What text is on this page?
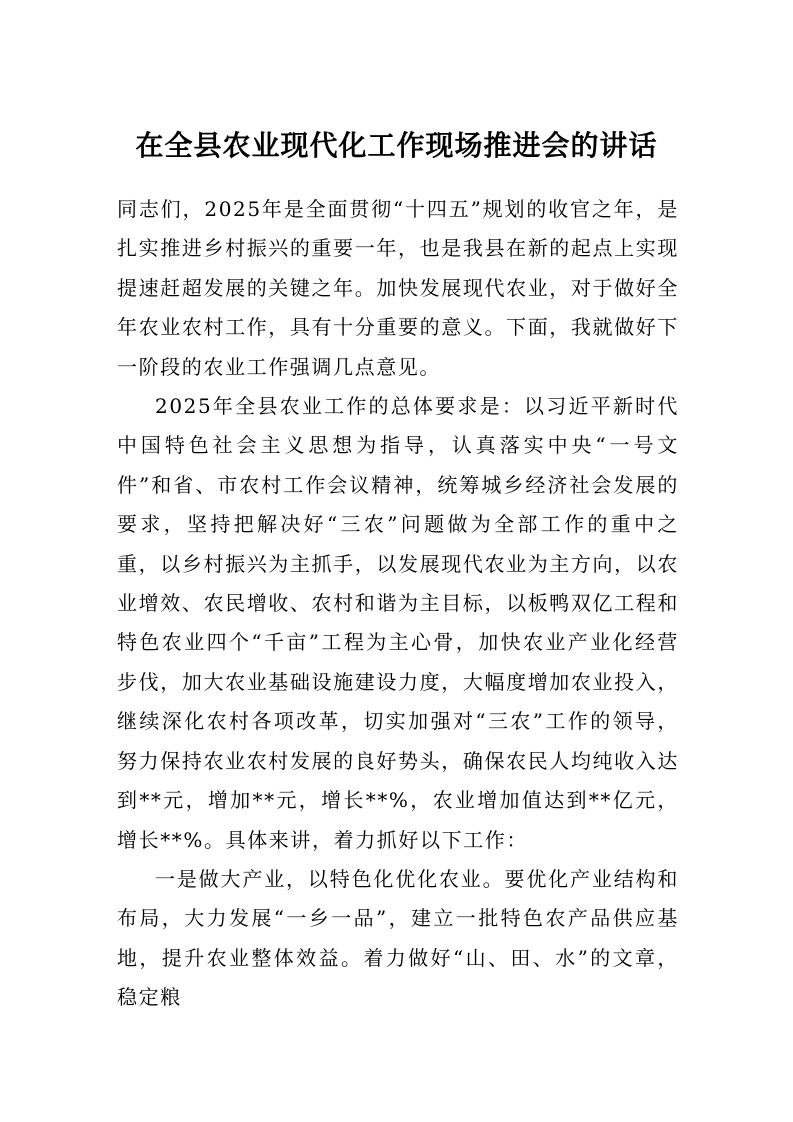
在全县农业现代化工作现场推进会的讲话

同志们，2025年是全面贯彻“十四五”规划的收官之年，是扎实推进乡村振兴的重要一年，也是我县在新的起点上实现提速赶超发展的关键之年。加快发展现代农业，对于做好全年农业农村工作，具有十分重要的意义。下面，我就做好下一阶段的农业工作强调几点意见。

2025年全县农业工作的总体要求是：以习近平新时代中国特色社会主义思想为指导，认真落实中央“一号文件”和省、市农村工作会议精神，统筹城乡经济社会发展的要求，坚持把解决好“三农”问题做为全部工作的重中之重，以乡村振兴为主抓手，以发展现代农业为主方向，以农业增效、农民增收、农村和谐为主目标，以板鸭双亿工程和特色农业四个“千亩”工程为主心骨，加快农业产业化经营步伐，加大农业基础设施建设力度，大幅度增加农业投入，继续深化农村各项改革，切实加强对“三农”工作的领导，努力保持农业农村发展的良好势头，确保农民人均纯收入达到**元，增加**元，增长**%，农业增加值达到**亿元，增长**%。具体来讲，着力抓好以下工作：

一是做大产业，以特色化优化农业。要优化产业结构和布局，大力发展“一乡一品”，建立一批特色农产品供应基地，提升农业整体效益。着力做好“山、田、水”的文章，稳定粮
